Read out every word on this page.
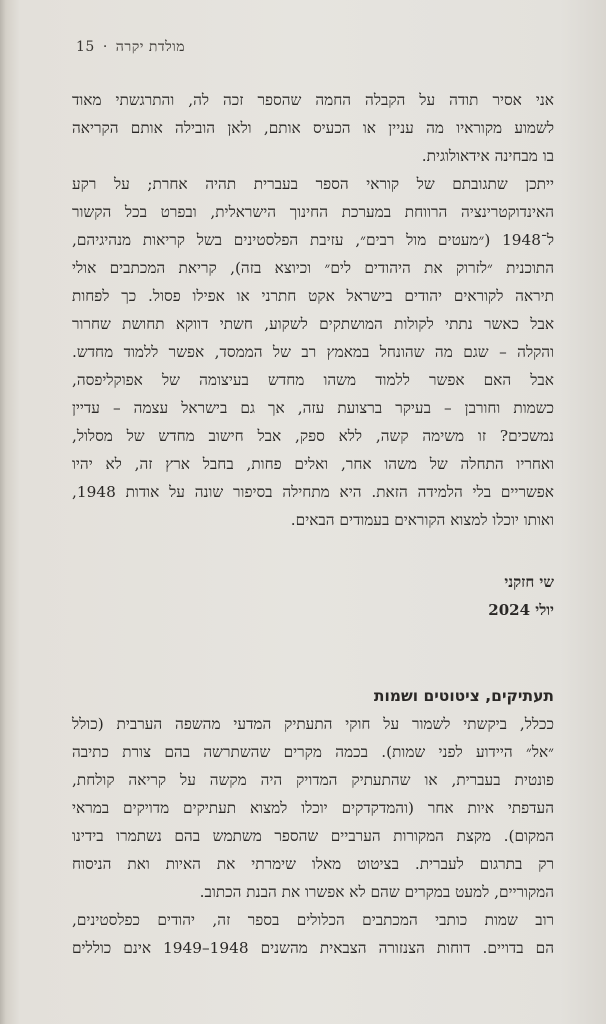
מולדת יקרה
·
15
אני אסיר תודה על הקבלה החמה שהספר זכה לה, והתרגשתי מאוד
לשמוע מקוראיו מה עניין או הכעיס אותם, ולאן הובילה אותם הקריאה
בו מבחינה אידאולוגית.
ייתכן שתגובתם של קוראי הספר בעברית תהיה אחרת; על רקע
האינדוקטרינציה הרווחת במערכת החינוך הישראלית, ובפרט בכל הקשור
ל־1948 (״מעטים מול רבים״, עזיבת הפלסטינים בשל קריאות מנהיגיהם,
התוכנית ״לזרוק את היהודים לים״ וכיוצא בזה), קריאת המכתבים אולי
תיראה לקוראים יהודים בישראל אקט חתרני או אפילו פסול. כך לפחות
אבל כאשר נתתי לקולות המושתקים לשקוע, חשתי דווקא תחושת שחרור
והקלה – שגם מה שהונחל במאמץ רב של הממסד, אפשר ללמוד מחדש.
אבל האם אפשר ללמוד משהו מחדש בעיצומה של אפוקליפסה,
כשמות וחורבן – בעיקר ברצועת עזה, אך גם בישראל עצמה – עדיין
נמשכים? זו משימה קשה, ללא ספק, אבל חישוב מחדש של מסלול,
ואחריו התחלה של משהו אחר, ואלים פחות, בחבל ארץ זה, לא יהיו
אפשריים בלי הלמידה הזאת. היא מתחילה בסיפור שונה על אודות 1948,
ואותו יוכלו למצוא הקוראים בעמודים הבאים.
שי חזקני
יולי 2024
תעתיקים, ציטוטים ושמות
ככלל, ביקשתי לשמור על חוקי התעתיק המדעי מהשפה הערבית (כולל
״אל״ היידוע לפני שמות). בכמה מקרים שהשתרשה בהם צורת כתיבה
פונטית בעברית, או שהתעתיק המדויק היה מקשה על קריאה קולחת,
העדפתי איות אחר (והמדקדקים יוכלו למצוא תעתיקים מדויקים במראי
המקום). מקצת המקורות הערביים שהספר משתמש בהם נשתמרו בידינו
רק בתרגום לעברית. בציטוט מאלו שימרתי את האיות ואת הניסוח
המקוריים, למעט במקרים שהם לא אפשרו את הבנת הכתוב.
רוב שמות כותבי המכתבים הכלולים בספר זה, יהודים כפלסטינים,
הם בדויים. דוחות הצנזורה הצבאית מהשנים 1948–1949 אינם כוללים
